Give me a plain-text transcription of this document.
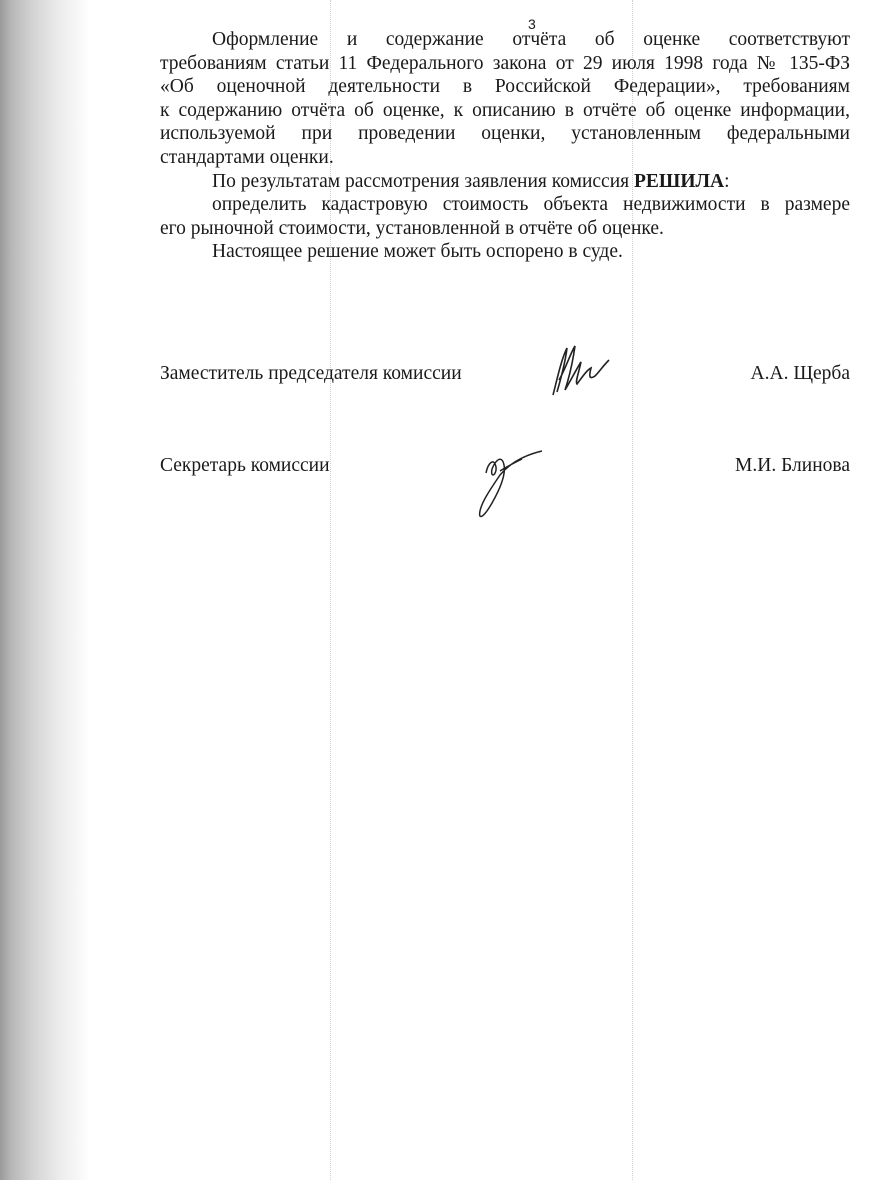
3
Оформление и содержание отчёта об оценке соответствуют
требованиям статьи 11 Федерального закона от 29 июля 1998 года № 135-ФЗ
«Об оценочной деятельности в Российской Федерации», требованиям
к содержанию отчёта об оценке, к описанию в отчёте об оценке информации,
используемой при проведении оценки, установленным федеральными
стандартами оценки.
По результатам рассмотрения заявления комиссия РЕШИЛА:
определить кадастровую стоимость объекта недвижимости в размере
его рыночной стоимости, установленной в отчёте об оценке.
Настоящее решение может быть оспорено в суде.
Заместитель председателя комиссии	А.А. Щерба
Секретарь комиссии	М.И. Блинова
